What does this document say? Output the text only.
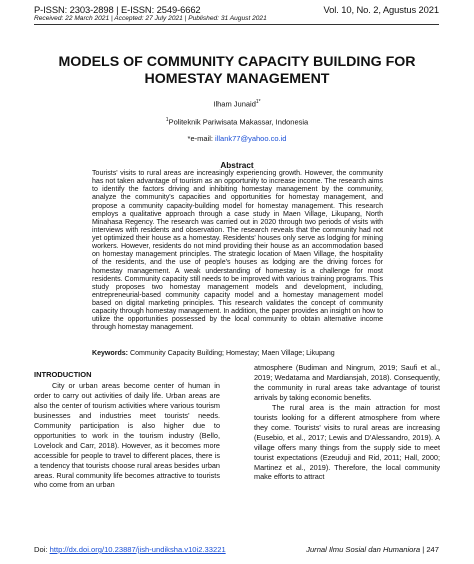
P-ISSN: 2303-2898 | E-ISSN: 2549-6662	Vol. 10, No. 2, Agustus 2021
Received: 22 March 2021 | Accepted: 27 July 2021 | Published: 31 August 2021
MODELS OF COMMUNITY CAPACITY BUILDING FOR
HOMESTAY MANAGEMENT
Ilham Junaid$^{1*}$
$^1$Politeknik Pariwisata Makassar, Indonesia
*e-mail: illank77@yahoo.co.id
Abstract
Tourists' visits to rural areas are increasingly experiencing growth. However, the community has not taken advantage of tourism as an opportunity to increase income. The research aims to identify the factors driving and inhibiting homestay management by the community, analyze the community's capacities and opportunities for homestay management, and propose a community capacity-building model for homestay management. This research employs a qualitative approach through a case study in Maen Village, Likupang, North Minahasa Regency. The research was carried out in 2020 through two periods of visits with interviews with residents and observation. The research reveals that the community had not yet optimized their house as a homestay. Residents' houses only serve as lodging for mining workers. However, residents do not mind providing their house as an accommodation based on homestay management principles. The strategic location of Maen Village, the hospitality of the residents, and the use of people's houses as lodging are the driving forces for homestay management. A weak understanding of homestay is a challenge for most residents. Community capacity still needs to be improved with various training programs. This study proposes two homestay management models and development, including, entrepreneurial-based community capacity model and a homestay management model based on digital marketing principles. This research validates the concept of community capacity through homestay management. In addition, the paper provides an insight on how to utilize the opportunities possessed by the local community to obtain alternative income through homestay management.
Keywords: Community Capacity Building; Homestay; Maen Village; Likupang
INTRODUCTION

City or urban areas become center of human in order to carry out activities of daily life. Urban areas are also the center of tourism activities where various tourism businesses and industries meet tourists' needs. Community participation is also higher due to opportunities to work in the tourism industry (Bello, Lovelock and Carr, 2018). However, as it becomes more accessible for people to travel to different places, there is a tendency that tourists choose rural areas besides urban areas. Rural community life becomes attractive to tourists who come from an urban

atmosphere (Budiman and Ningrum, 2019; Saufi et al., 2019; Wedatama and Mardiansjah, 2018). Consequently, the community in rural areas take advantage of tourist arrivals by taking economic benefits.

The rural area is the main attraction for most tourists looking for a different atmosphere from where they come. Tourists' visits to rural areas are increasing (Eusebio, et al., 2017; Lewis and D'Alessandro, 2019). A village offers many things from the supply side to meet tourist expectations (Ezeuduji and Rid, 2011; Hall, 2000; Martinez et al., 2019). Therefore, the local community make efforts to attract

Doi: http://dx.doi.org/10.23887/jish-undiksha.v10i2.33221	Jurnal Ilmu Sosial dan Humaniora | 247
